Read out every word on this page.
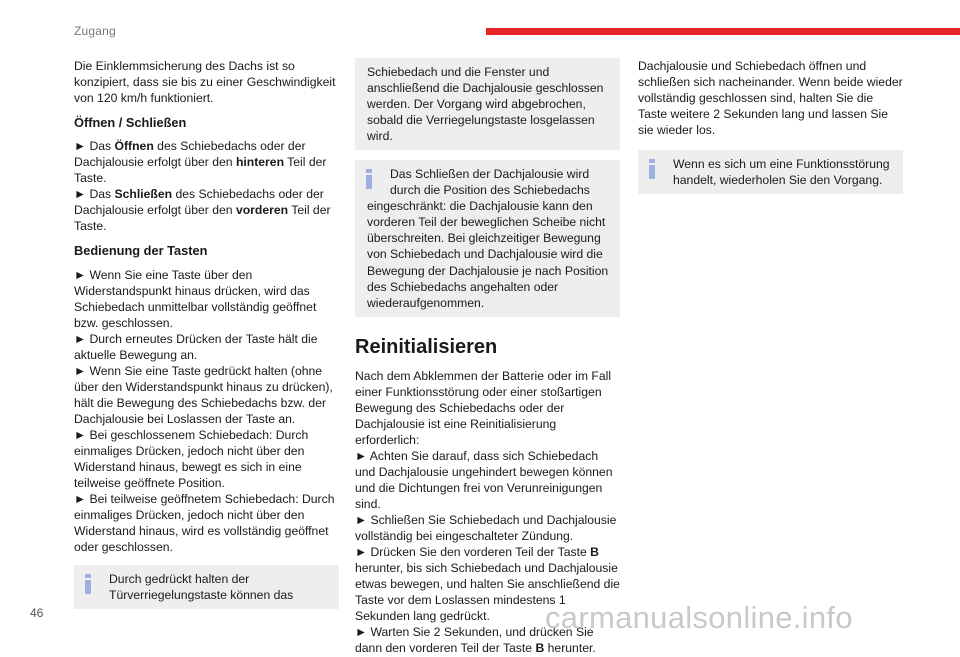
Zugang

Die Einklemmsicherung des Dachs ist so konzipiert, dass sie bis zu einer Geschwindigkeit von 120 km/h funktioniert.

Öffnen / Schließen

► Das Öffnen des Schiebedachs oder der Dachjalousie erfolgt über den hinteren Teil der Taste.

► Das Schließen des Schiebedachs oder der Dachjalousie erfolgt über den vorderen Teil der Taste.

Bedienung der Tasten

► Wenn Sie eine Taste über den Widerstandspunkt hinaus drücken, wird das Schiebedach unmittelbar vollständig geöffnet bzw. geschlossen.

► Durch erneutes Drücken der Taste hält die aktuelle Bewegung an.

► Wenn Sie eine Taste gedrückt halten (ohne über den Widerstandspunkt hinaus zu drücken), hält die Bewegung des Schiebedachs bzw. der Dachjalousie bei Loslassen der Taste an.

► Bei geschlossenem Schiebedach: Durch einmaliges Drücken, jedoch nicht über den Widerstand hinaus, bewegt es sich in eine teilweise geöffnete Position.

► Bei teilweise geöffnetem Schiebedach: Durch einmaliges Drücken, jedoch nicht über den Widerstand hinaus, wird es vollständig geöffnet oder geschlossen.

Durch gedrückt halten der

Türverriegelungstaste können das

Schiebedach und die Fenster und anschließend die Dachjalousie geschlossen werden. Der Vorgang wird abgebrochen, sobald die Verriegelungstaste losgelassen wird.

Das Schließen der Dachjalousie wird durch die Position des Schiebedachs

eingeschränkt: die Dachjalousie kann den vorderen Teil der beweglichen Scheibe nicht überschreiten. Bei gleichzeitiger Bewegung von Schiebedach und Dachjalousie wird die Bewegung der Dachjalousie je nach Position des Schiebedachs angehalten oder wiederaufgenommen.

Reinitialisieren

Nach dem Abklemmen der Batterie oder im Fall einer Funktionsstörung oder einer stoßartigen Bewegung des Schiebedachs oder der Dachjalousie ist eine Reinitialisierung erforderlich:

► Achten Sie darauf, dass sich Schiebedach und Dachjalousie ungehindert bewegen können und die Dichtungen frei von Verunreinigungen sind.

► Schließen Sie Schiebedach und Dachjalousie vollständig bei eingeschalteter Zündung.

► Drücken Sie den vorderen Teil der Taste B herunter, bis sich Schiebedach und Dachjalousie etwas bewegen, und halten Sie anschließend die Taste vor dem Loslassen mindestens 1 Sekunden lang gedrückt.

► Warten Sie 2 Sekunden, und drücken Sie dann den vorderen Teil der Taste B herunter.

Dachjalousie und Schiebedach öffnen und schließen sich nacheinander. Wenn beide wieder vollständig geschlossen sind, halten Sie die Taste weitere 2 Sekunden lang und lassen Sie sie wieder los.

Wenn es sich um eine Funktionsstörung

handelt, wiederholen Sie den Vorgang.

46	carmanualsonline.info
